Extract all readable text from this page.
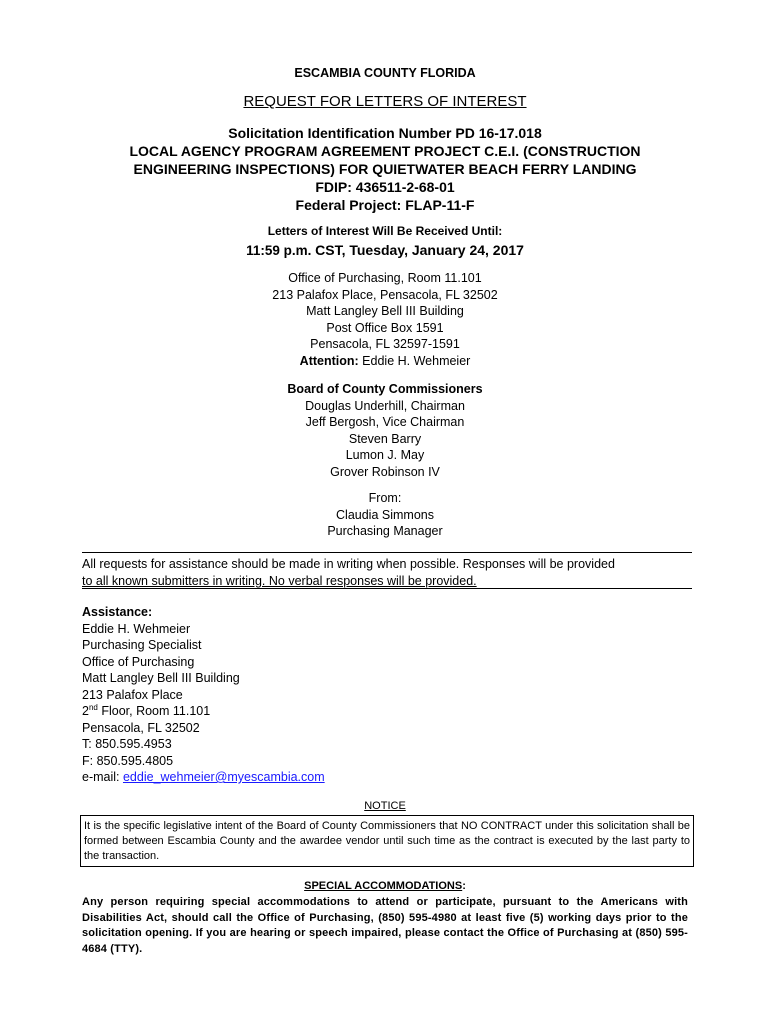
ESCAMBIA COUNTY FLORIDA
REQUEST FOR LETTERS OF INTEREST
Solicitation Identification Number PD 16-17.018
LOCAL AGENCY PROGRAM AGREEMENT PROJECT C.E.I. (CONSTRUCTION
ENGINEERING INSPECTIONS) FOR QUIETWATER BEACH FERRY LANDING
FDIP: 436511-2-68-01
Federal Project: FLAP-11-F
Letters of Interest Will Be Received Until:
11:59 p.m. CST, Tuesday, January 24, 2017
Office of Purchasing, Room 11.101
213 Palafox Place, Pensacola, FL 32502
Matt Langley Bell III Building
Post Office Box 1591
Pensacola, FL 32597-1591
Attention: Eddie H. Wehmeier
Board of County Commissioners
Douglas Underhill, Chairman
Jeff Bergosh, Vice Chairman
Steven Barry
Lumon J. May
Grover Robinson IV
From:
Claudia Simmons
Purchasing Manager
All requests for assistance should be made in writing when possible. Responses will be provided
to all known submitters in writing. No verbal responses will be provided.
Assistance:
Eddie H. Wehmeier
Purchasing Specialist
Office of Purchasing
Matt Langley Bell III Building
213 Palafox Place
2nd Floor, Room 11.101
Pensacola, FL 32502
T: 850.595.4953
F: 850.595.4805
e-mail: eddie_wehmeier@myescambia.com
NOTICE
It is the specific legislative intent of the Board of County Commissioners that NO CONTRACT under this solicitation shall be formed between Escambia County and the awardee vendor until such time as the contract is executed by the last party to the transaction.
SPECIAL ACCOMMODATIONS:
Any person requiring special accommodations to attend or participate, pursuant to the Americans with Disabilities Act, should call the Office of Purchasing, (850) 595-4980 at least five (5) working days prior to the solicitation opening. If you are hearing or speech impaired, please contact the Office of Purchasing at (850) 595-4684 (TTY).
